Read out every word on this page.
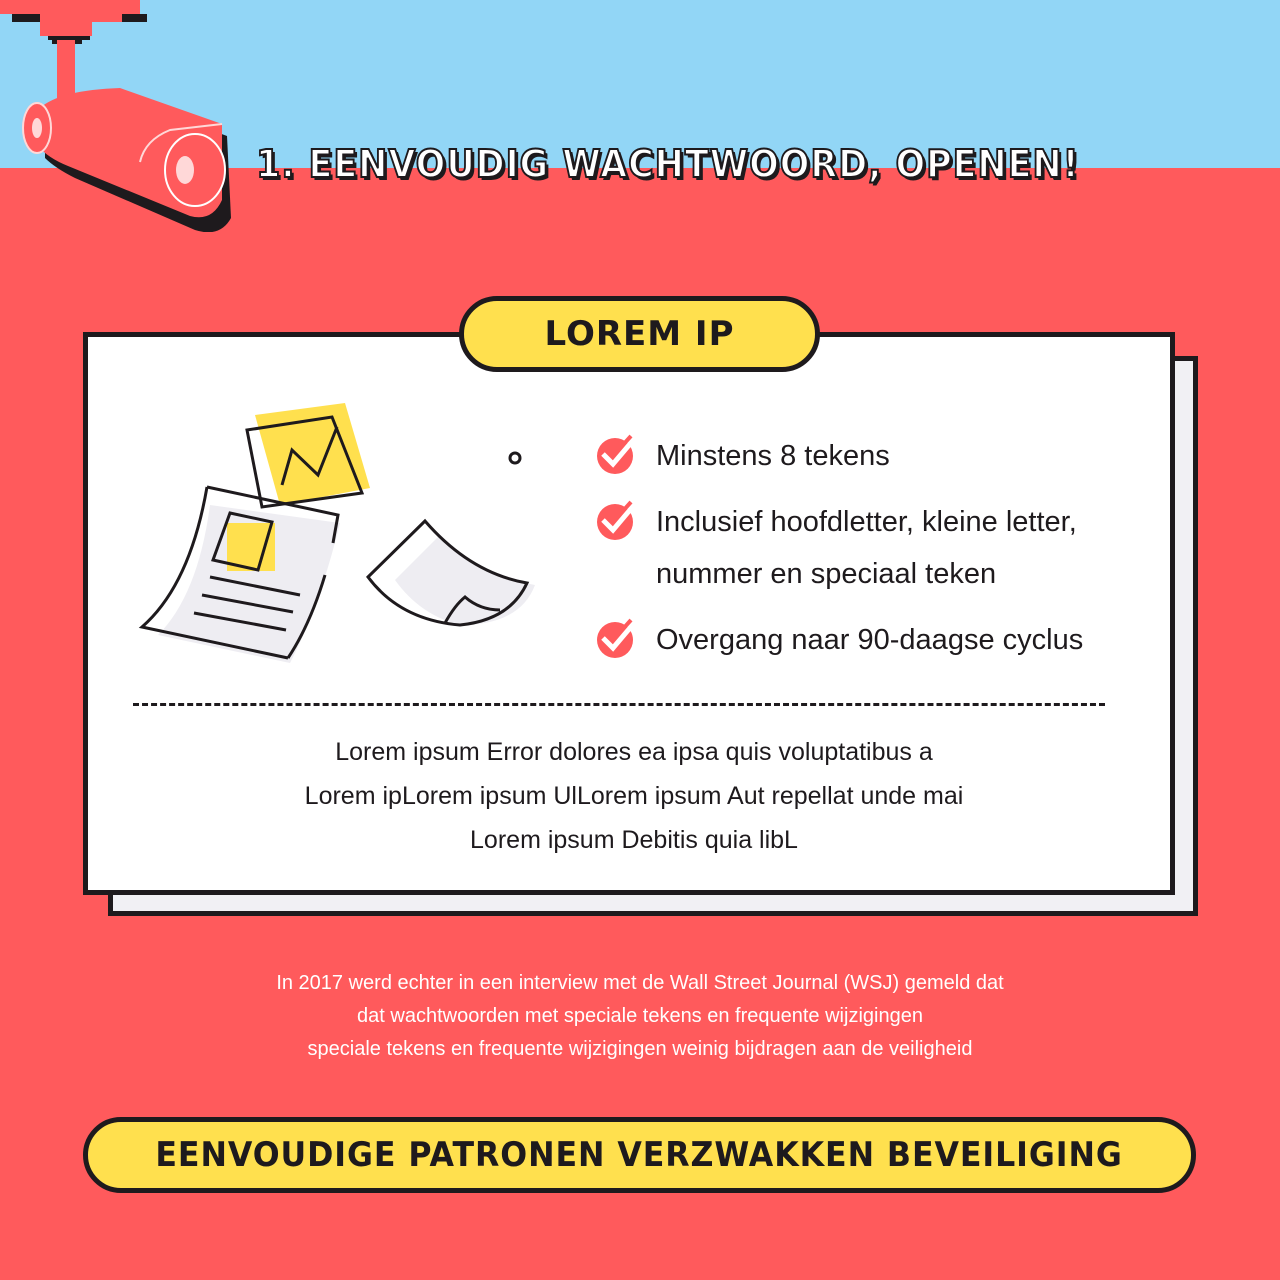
1. EENVOUDIG WACHTWOORD, OPENEN!
LOREM IP
Minstens 8 tekens
Inclusief hoofdletter, kleine letter, nummer en speciaal teken
Overgang naar 90-daagse cyclus
Lorem ipsum Error dolores ea ipsa quis voluptatibus a
Lorem ipLorem ipsum UlLorem ipsum Aut repellat unde mai
Lorem ipsum Debitis quia libL
In 2017 werd echter in een interview met de Wall Street Journal (WSJ) gemeld dat
dat wachtwoorden met speciale tekens en frequente wijzigingen
speciale tekens en frequente wijzigingen weinig bijdragen aan de veiligheid
EENVOUDIGE PATRONEN VERZWAKKEN BEVEILIGING
